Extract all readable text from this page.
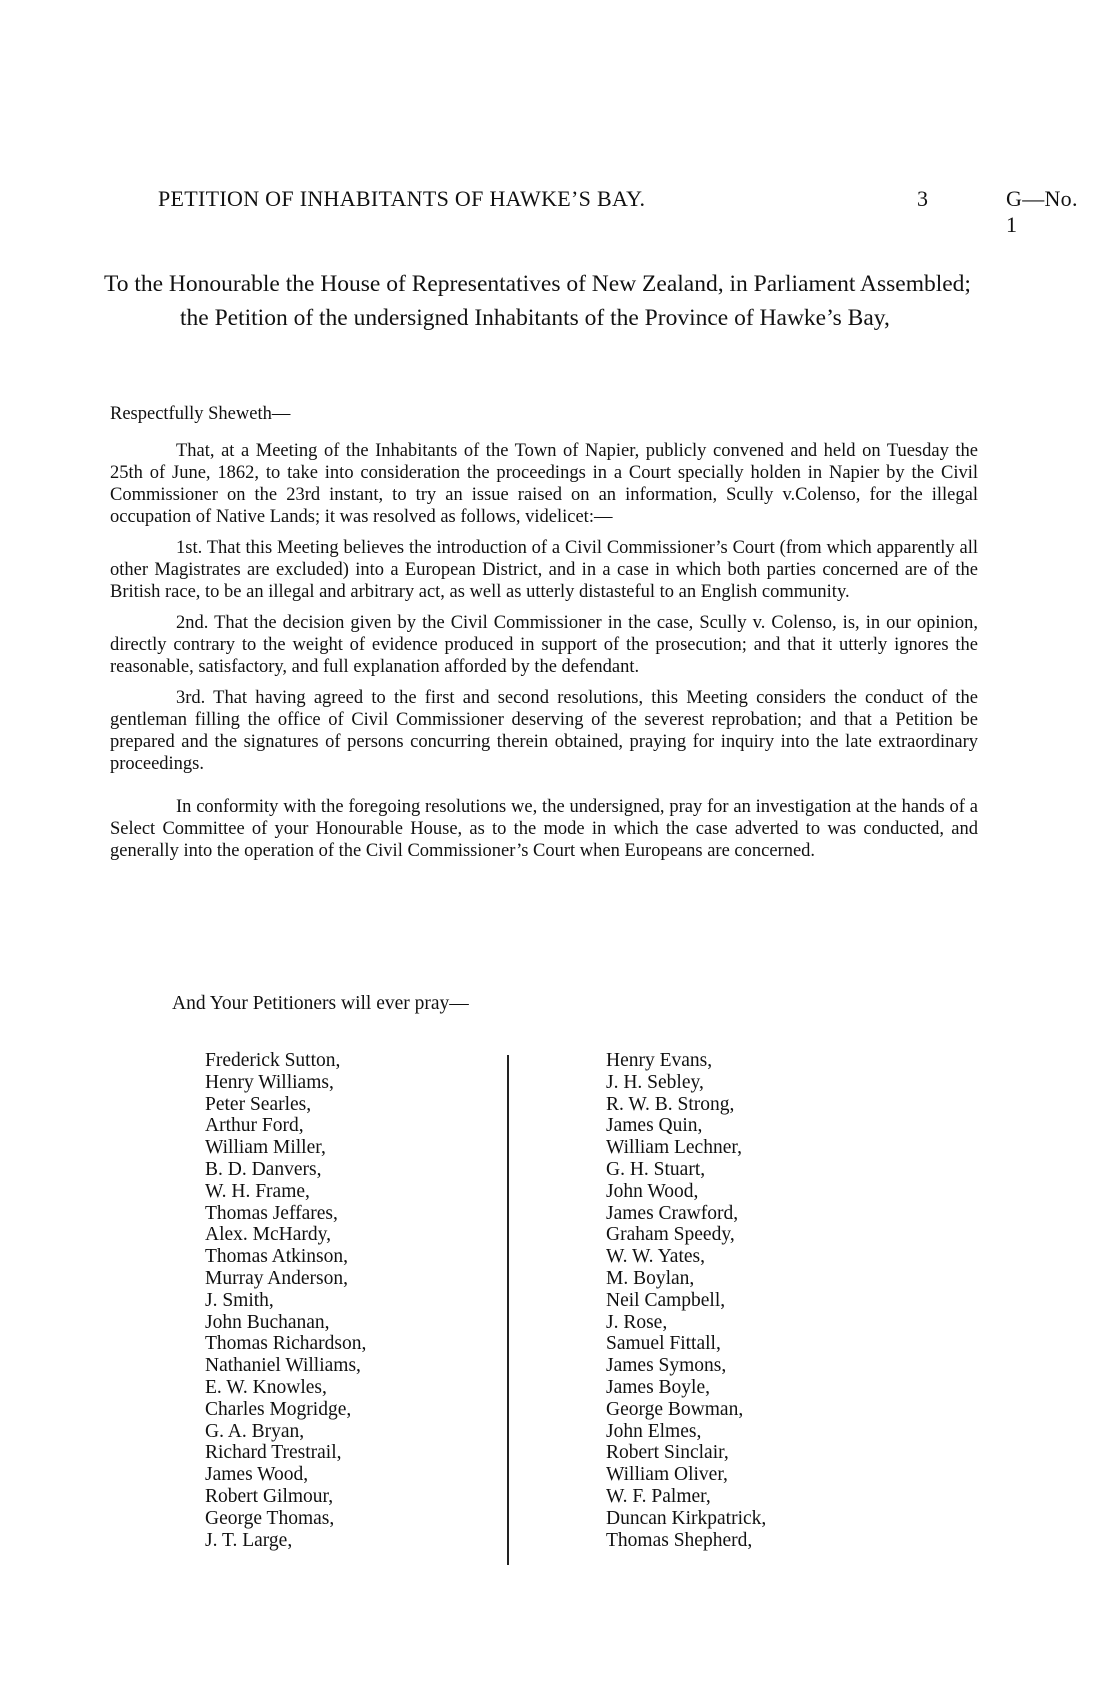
PETITION OF INHABITANTS OF HAWKE’S BAY.	3	G—No. 1

To the Honourable the House of Representatives of New Zealand, in Parliament Assembled; the Petition of the undersigned Inhabitants of the Province of Hawke’s Bay,

Respectfully Sheweth—

That, at a Meeting of the Inhabitants of the Town of Napier, publicly convened and held on Tuesday the 25th of June, 1862, to take into consideration the proceedings in a Court specially holden in Napier by the Civil Commissioner on the 23rd instant, to try an issue raised on an information, Scully v.Colenso, for the illegal occupation of Native Lands; it was resolved as follows, videlicet:—

1st. That this Meeting believes the introduction of a Civil Commissioner’s Court (from which apparently all other Magistrates are excluded) into a European District, and in a case in which both parties concerned are of the British race, to be an illegal and arbitrary act, as well as utterly distasteful to an English community.

2nd. That the decision given by the Civil Commissioner in the case, Scully v. Colenso, is, in our opinion, directly contrary to the weight of evidence produced in support of the prosecution; and that it utterly ignores the reasonable, satisfactory, and full explanation afforded by the defendant.

3rd. That having agreed to the first and second resolutions, this Meeting considers the conduct of the gentleman filling the office of Civil Commissioner deserving of the severest reprobation; and that a Petition be prepared and the signatures of persons concurring therein obtained, praying for inquiry into the late extraordinary proceedings.

In conformity with the foregoing resolutions we, the undersigned, pray for an investigation at the hands of a Select Committee of your Honourable House, as to the mode in which the case adverted to was conducted, and generally into the operation of the Civil Commissioner’s Court when Europeans are concerned.

And Your Petitioners will ever pray—
Frederick Sutton,
Henry Williams,
Peter Searles,
Arthur Ford,
William Miller,
B. D. Danvers,
W. H. Frame,
Thomas Jeffares,
Alex. McHardy,
Thomas Atkinson,
Murray Anderson,
J. Smith,
John Buchanan,
Thomas Richardson,
Nathaniel Williams,
E. W. Knowles,
Charles Mogridge,
G. A. Bryan,
Richard Trestrail,
James Wood,
Robert Gilmour,
George Thomas,
J. T. Large,
Henry Evans,
J. H. Sebley,
R. W. B. Strong,
James Quin,
William Lechner,
G. H. Stuart,
John Wood,
James Crawford,
Graham Speedy,
W. W. Yates,
M. Boylan,
Neil Campbell,
J. Rose,
Samuel Fittall,
James Symons,
James Boyle,
George Bowman,
John Elmes,
Robert Sinclair,
William Oliver,
W. F. Palmer,
Duncan Kirkpatrick,
Thomas Shepherd,
